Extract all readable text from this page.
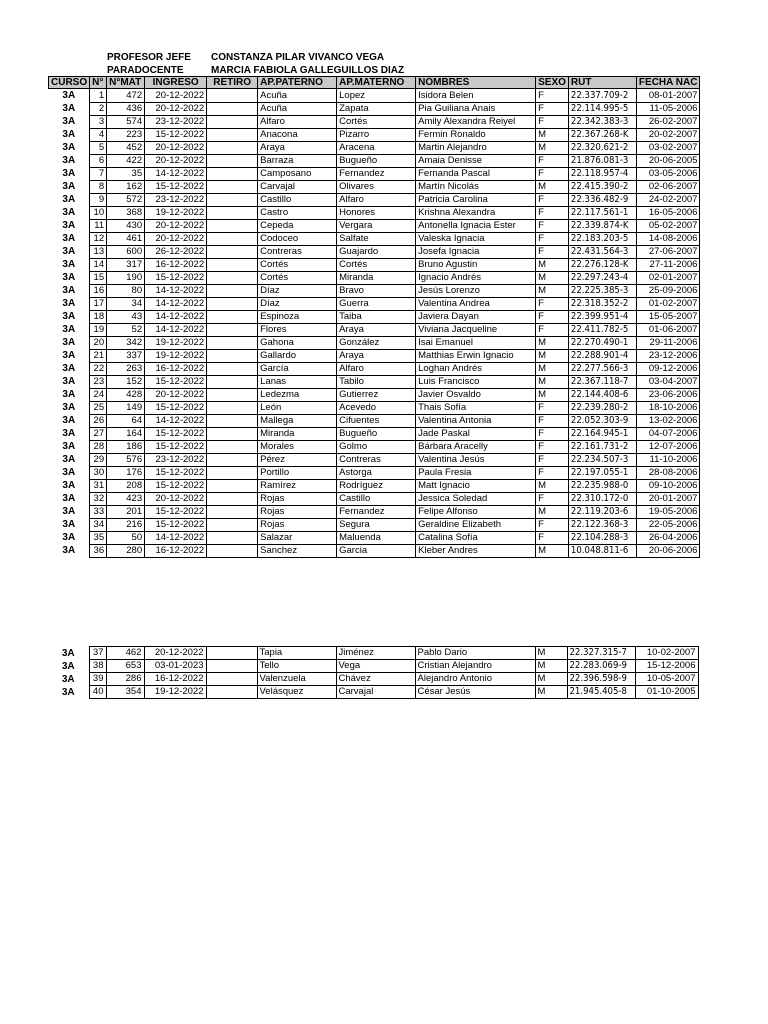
PROFESOR JEFE CONSTANZA PILAR VIVANCO VEGA
PARADOCENTE	MARCIA FABIOLA GALLEGUILLOS DIAZ
CURSO	N°	N°MAT	INGRESO	RETIRO	AP.PATERNO	AP.MATERNO	NOMBRES	SEXO	RUT	FECHA NAC
3A	1	472	20-12-2022		Acuña	Lopez	Isidora Belen	F	22.337.709-2	08-01-2007
3A	2	436	20-12-2022		Acuña	Zapata	Pia Guiliana Anais	F	22.114.995-5	11-05-2006
3A	3	574	23-12-2022		Alfaro	Cortés	Amily Alexandra Reiyel	F	22.342.383-3	26-02-2007
3A	4	223	15-12-2022		Anacona	Pizarro	Fermin Ronaldo	M	22.367.268-K	20-02-2007
3A	5	452	20-12-2022		Araya	Aracena	Martin Alejandro	M	22.320.621-2	03-02-2007
3A	6	422	20-12-2022		Barraza	Bugueño	Amaia Denisse	F	21.876.081-3	20-06-2005
3A	7	35	14-12-2022		Camposano	Fernandez	Fernanda Pascal	F	22.118.957-4	03-05-2006
3A	8	162	15-12-2022		Carvajal	Olivares	Martín Nicolás	M	22.415.390-2	02-06-2007
3A	9	572	23-12-2022		Castillo	Alfaro	Patricia Carolina	F	22.336.482-9	24-02-2007
3A	10	368	19-12-2022		Castro	Honores	Krishna Alexandra	F	22.117.561-1	16-05-2006
3A	11	430	20-12-2022		Cepeda	Vergara	Antonella Ignacia Ester	F	22.339.874-K	05-02-2007
3A	12	461	20-12-2022		Codoceo	Salfate	Valeska Ignacia	F	22.183.203-5	14-08-2006
3A	13	600	26-12-2022		Contreras	Guajardo	Josefa Ignacia	F	22.431.564-3	27-06-2007
3A	14	317	16-12-2022		Cortés	Cortés	Bruno Agustin	M	22.276.128-K	27-11-2006
3A	15	190	15-12-2022		Cortés	Miranda	Ignacio Andrés	M	22.297.243-4	02-01-2007
3A	16	80	14-12-2022		Díaz	Bravo	Jesús Lorenzo	M	22.225.385-3	25-09-2006
3A	17	34	14-12-2022		Díaz	Guerra	Valentina Andrea	F	22.318.352-2	01-02-2007
3A	18	43	14-12-2022		Espinoza	Taiba	Javiera Dayan	F	22.399.951-4	15-05-2007
3A	19	52	14-12-2022		Flores	Araya	Viviana Jacqueline	F	22.411.782-5	01-06-2007
3A	20	342	19-12-2022		Gahona	González	Isai Emanuel	M	22.270.490-1	29-11-2006
3A	21	337	19-12-2022		Gallardo	Araya	Matthias Erwin Ignacio	M	22.288.901-4	23-12-2006
3A	22	263	16-12-2022		García	Alfaro	Loghan Andrés	M	22.277.566-3	09-12-2006
3A	23	152	15-12-2022		Lanas	Tabilo	Luis Francisco	M	22.367.118-7	03-04-2007
3A	24	428	20-12-2022		Ledezma	Gutierrez	Javier Osvaldo	M	22.144.408-6	23-06-2006
3A	25	149	15-12-2022		León	Acevedo	Thais Sofía	F	22.239.280-2	18-10-2006
3A	26	64	14-12-2022		Mallega	Cifuentes	Valentina Antonia	F	22.052.303-9	13-02-2006
3A	27	164	15-12-2022		Miranda	Bugueño	Jade Paskal	F	22.164.945-1	04-07-2006
3A	28	186	15-12-2022		Morales	Golmo	Bárbara Aracelly	F	22.161.731-2	12-07-2006
3A	29	576	23-12-2022		Pérez	Contreras	Valentina Jesús	F	22.234.507-3	11-10-2006
3A	30	176	15-12-2022		Portillo	Astorga	Paula Fresia	F	22.197.055-1	28-08-2006
3A	31	208	15-12-2022		Ramírez	Rodríguez	Matt Ignacio	M	22.235.988-0	09-10-2006
3A	32	423	20-12-2022		Rojas	Castillo	Jessica Soledad	F	22.310.172-0	20-01-2007
3A	33	201	15-12-2022		Rojas	Fernandez	Felipe Alfonso	M	22.119.203-6	19-05-2006
3A	34	216	15-12-2022		Rojas	Segura	Geraldine Elizabeth	F	22.122.368-3	22-05-2006
3A	35	50	14-12-2022		Salazar	Maluenda	Catalina Sofía	F	22.104.288-3	26-04-2006
3A	36	280	16-12-2022		Sanchez	Garcia	Kleber Andres	M	10.048.811-6	20-06-2006
3A	37	462	20-12-2022		Tapia	Jiménez	Pablo Dario	M	22.327.315-7	10-02-2007
3A	38	653	03-01-2023		Tello	Vega	Cristian Alejandro	M	22.283.069-9	15-12-2006
3A	39	286	16-12-2022		Valenzuela	Chávez	Alejandro Antonio	M	22.396.598-9	10-05-2007
3A	40	354	19-12-2022		Velásquez	Carvajal	César Jesús	M	21.945.405-8	01-10-2005
